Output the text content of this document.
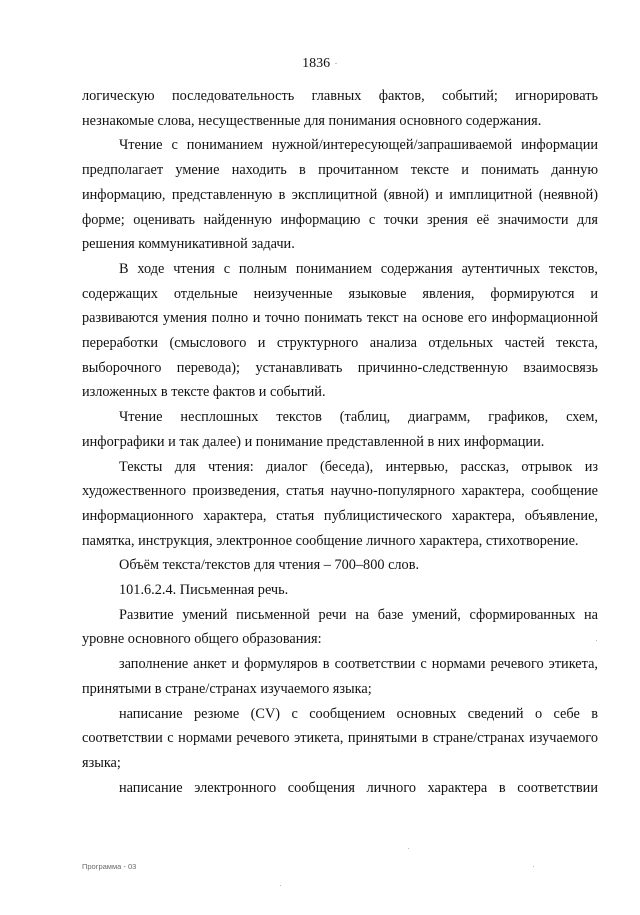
1836 ·

логическую последовательность главных фактов, событий; игнорировать незнакомые слова, несущественные для понимания основного содержания.

Чтение с пониманием нужной/интересующей/запрашиваемой информации предполагает умение находить в прочитанном тексте и понимать данную информацию, представленную в эксплицитной (явной) и имплицитной (неявной) форме; оценивать найденную информацию с точки зрения её значимости для решения коммуникативной задачи.

В ходе чтения с полным пониманием содержания аутентичных текстов, содержащих отдельные неизученные языковые явления, формируются и развиваются умения полно и точно понимать текст на основе его информационной переработки (смыслового и структурного анализа отдельных частей текста, выборочного перевода); устанавливать причинно-следственную взаимосвязь изложенных в тексте фактов и событий.

Чтение несплошных текстов (таблиц, диаграмм, графиков, схем, инфографики и так далее) и понимание представленной в них информации.

Тексты для чтения: диалог (беседа), интервью, рассказ, отрывок из художественного произведения, статья научно-популярного характера, сообщение информационного характера, статья публицистического характера, объявление, памятка, инструкция, электронное сообщение личного характера, стихотворение.

Объём текста/текстов для чтения – 700–800 слов.

101.6.2.4. Письменная речь.

Развитие умений письменной речи на базе умений, сформированных на уровне основного общего образования:

заполнение анкет и формуляров в соответствии с нормами речевого этикета, принятыми в стране/странах изучаемого языка;

написание резюме (CV) с сообщением основных сведений о себе в соответствии с нормами речевого этикета, принятыми в стране/странах изучаемого языка;

написание электронного сообщения личного характера в соответствии

Программа - 03
